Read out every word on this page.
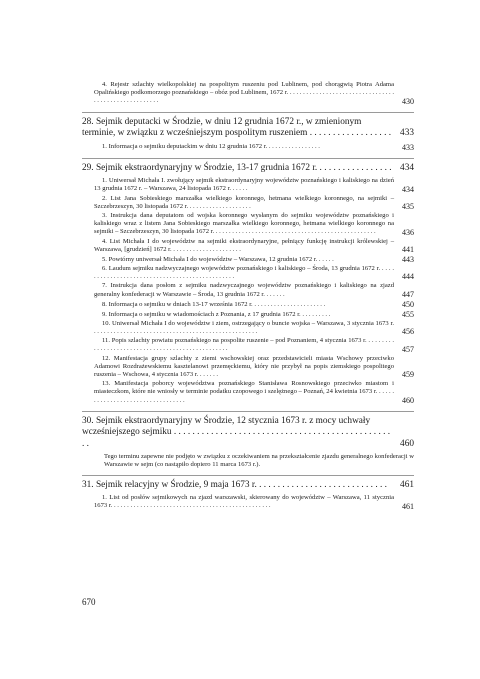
4. Rejestr szlachty wielkopolskiej na pospolitym ruszeniu pod Lublinem, pod chorągwią Piotra Adama Opalińskiego podkomorzego poznańskiego – obóz pod Lublinem, 1672 r. . . . . . . . . . . . . . . . . . . . . . . . . . . . . . . . . . . . . . . . . . . . . . . . . . . . .	430
28. Sejmik deputacki w Środzie, w dniu 12 grudnia 1672 r., w zmienionym terminie, w związku z wcześniejszym pospolitym ruszeniem . . . . . . . . . . . . . . . . . . 433
1. Informacja o sejmiku deputackim w dniu 12 grudnia 1672 r. . . . . . . . . . . . . . . . .	433
29. Sejmik ekstraordynaryjny w Środzie, 13-17 grudnia 1672 r. . . . . . . . . . . . . . . . . 434
1. Uniwersał Michała I. zwołujący sejmik ekstraordynaryjny województw poznańskiego i kaliskiego na dzień 13 grudnia 1672 r. – Warszawa, 24 listopada 1672 r. . . . . .	434
2. List Jana Sobieskiego marszałka wielkiego koronnego, hetmana wielkiego koronnego, na sejmiki – Szczebrzeszyn, 30 listopada 1672 r. . . . . . . . . . . . . . . . . . . .	435
3. Instrukcja dana deputatom od wojska koronnego wysłanym do sejmiku województw poznańskiego i kaliskiego wraz z listem Jana Sobieskiego marszałka wielkiego koronnego, hetmana wielkiego koronnego na sejmiki – Szczebrzeszyn, 30 listopada 1672 r. . . . . . . . . . . . . . . . . . . . . . . . . . . . . . . . . . . . . . . . . . . . . . . . . .	436
4. List Michała I do województw na sejmiki ekstraordynaryjne, pełniący funkcję instrukcji królewskiej – Warszawa, [grudzień] 1672 r. . . . . . . . . . . . . . . . . . . . . .	441
5. Powtórny uniwersał Michała I do województw – Warszawa, 12 grudnia 1672 r. . . . . .	443
6. Laudum sejmiku nadzwyczajnego województw poznańskiego i kaliskiego – Środa, 13 grudnia 1672 r. . . . . . . . . . . . . . . . . . . . . . . . . . . . . . . . . . . . . . . . . . . . . . . .	444
7. Instrukcja dana posłom z sejmiku nadzwyczajnego województw poznańskiego i kaliskiego na zjazd generalny konfederacji w Warszawie – Środa, 13 grudnia 1672 r. . . . . . .	447
8. Informacja o sejmiku w dniach 13-17 września 1672 r. . . . . . . . . . . . . . . . . . . . . . .	450
9. Informacja o sejmiku w wiadomościach z Poznania, z 17 grudnia 1672 r. . . . . . . . . .	455
10. Uniwersał Michała I do województw i ziem, ostrzegający o buncie wojska – Warszawa, 3 stycznia 1673 r. . . . . . . . . . . . . . . . . . . . . . . . . . . . . . . . . . . . . . . . . . . . . . . . . . .	456
11. Popis szlachty powiatu poznańskiego na pospolite ruszenie – pod Poznaniem, 4 stycznia 1673 r. . . . . . . . . . . . . . . . . . . . . . . . . . . . . . . . . . . . . . . . . . . . . . . . . .	457
12. Manifestacja grupy szlachty z ziemi wschowskiej oraz przedstawicieli miasta Wschowy przeciwko Adamowi Rozdrażewskiemu kasztelanowi przemęckiemu, który nie przybył na popis ziemskiego pospolitego ruszenia – Wschowa, 4 stycznia 1673 r. . . . . . .	459
13. Manifestacja poborcy województwa poznańskiego Stanisława Rosnowskiego przeciwko miastom i miasteczkom, które nie wniosły w terminie podatku czopowego i szelężnego – Poznań, 24 kwietnia 1673 r. . . . . . . . . . . . . . . . . . . . . . . . . . . . . . . . . .	460
30. Sejmik ekstraordynaryjny w Środzie, 12 stycznia 1673 r. z mocy uchwały wcześniejszego sejmiku . . . . . . . . . . . . . . . . . . . . . . . . . . . . . . . . . . . . . . . . . . . . . . . . .	460
Tego terminu zapewne nie podjęto w związku z oczekiwaniem na przekształcenie zjazdu generalnego konfederacji w Warszawie w sejm (co nastąpiło dopiero 11 marca 1673 r.).
31. Sejmik relacyjny w Środzie, 9 maja 1673 r. . . . . . . . . . . . . . . . . . . . . . . . . . . . .	461
1. List od posłów sejmikowych na zjazd warszawski, skierowany do województw – Warszawa, 11 stycznia 1673 r. . . . . . . . . . . . . . . . . . . . . . . . . . . . . . . . . . . . . . . . . . . . . . . . .	461
670
